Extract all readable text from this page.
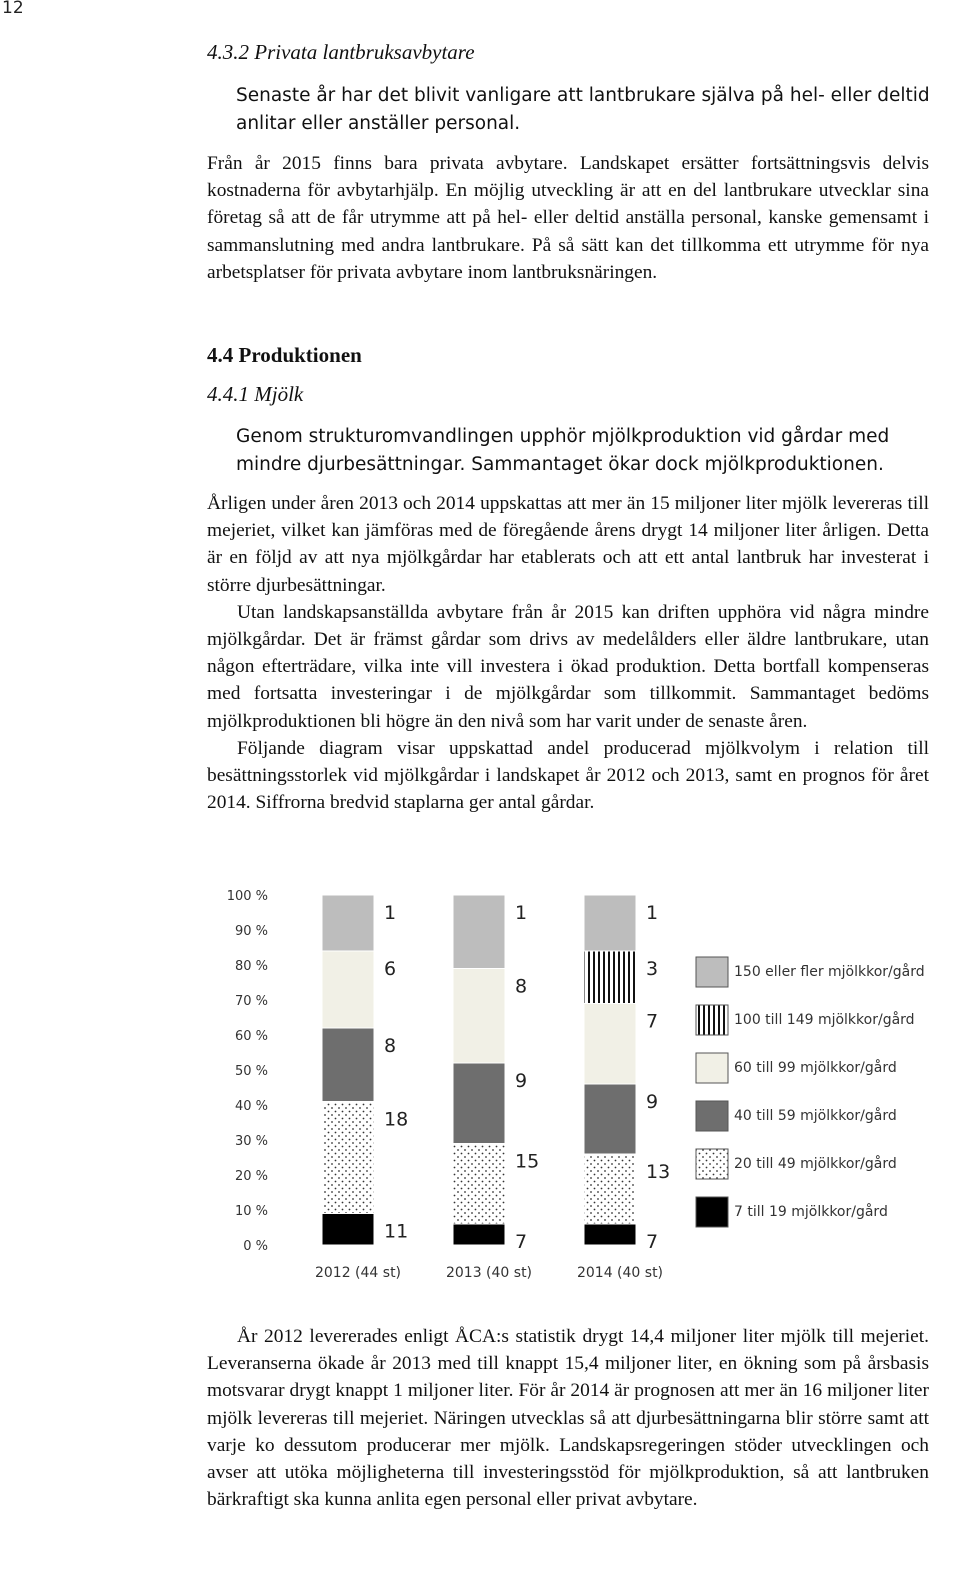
12
4.3.2 Privata lantbruksavbytare

Senaste år har det blivit vanligare att lantbrukare själva på hel- eller deltid anlitar eller anställer personal.

Från år 2015 finns bara privata avbytare. Landskapet ersätter fortsättningsvis delvis kostnaderna för avbytarhjälp. En möjlig utveckling är att en del lantbrukare utvecklar sina företag så att de får utrymme att på hel- eller deltid anställa personal, kanske gemensamt i sammanslutning med andra lantbrukare. På så sätt kan det tillkomma ett utrymme för nya arbetsplatser för privata avbytare inom lantbruksnäringen.

4.4 Produktionen
4.4.1 Mjölk

Genom strukturomvandlingen upphör mjölkproduktion vid gårdar med mindre djurbesättningar. Sammantaget ökar dock mjölkproduktionen.

Årligen under åren 2013 och 2014 uppskattas att mer än 15 miljoner liter mjölk levereras till mejeriet, vilket kan jämföras med de föregående årens drygt 14 miljoner liter årligen. Detta är en följd av att nya mjölkgårdar har etablerats och att ett antal lantbruk har investerat i större djurbesättningar.

Utan landskapsanställda avbytare från år 2015 kan driften upphöra vid några mindre mjölkgårdar. Det är främst gårdar som drivs av medelålders eller äldre lantbrukare, utan någon efterträdare, vilka inte vill investera i ökad produktion. Detta bortfall kompenseras med fortsatta investeringar i de mjölkgårdar som tillkommit. Sammantaget bedöms mjölkproduktionen bli högre än den nivå som har varit under de senaste åren.

Följande diagram visar uppskattad andel producerad mjölkvolym i relation till besättningsstorlek vid mjölkgårdar i landskapet år 2012 och 2013, samt en prognos för året 2014. Siffrorna bredvid staplarna ger antal gårdar.

0 %
10 %
20 %
30 %
40 %
50 %
60 %
70 %
80 %
90 %
100 %
11
18
8
6
1
7
15
9
8
1
7
13
9
7
3
1
2012 (44 st)	2013 (40 st)	2014 (40 st)
150 eller fler mjölkkor/gård
100 till 149 mjölkkor/gård
60 till 99 mjölkkor/gård
40 till 59 mjölkkor/gård
20 till 49 mjölkkor/gård
7 till 19 mjölkkor/gård

År 2012 levererades enligt ÅCA:s statistik drygt 14,4 miljoner liter mjölk till mejeriet. Leveranserna ökade år 2013 med till knappt 15,4 miljoner liter, en ökning som på årsbasis motsvarar drygt knappt 1 miljoner liter. För år 2014 är prognosen att mer än 16 miljoner liter mjölk levereras till mejeriet. Näringen utvecklas så att djurbesättningarna blir större samt att varje ko dessutom producerar mer mjölk. Landskapsregeringen stöder utvecklingen och avser att utöka möjligheterna till investeringsstöd för mjölkproduktion, så att lantbruken bärkraftigt ska kunna anlita egen personal eller privat avbytare.
